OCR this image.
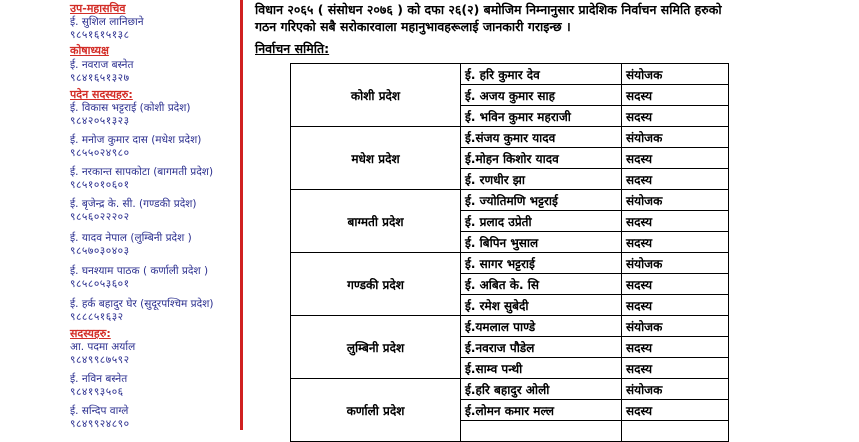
उप-महासचिव
ई. सुशिल लानिछाने
९८५१६१५१३८
कोषाध्यक्ष
ई. नवराज बस्नेत
९८४१६५१३२७
पदेन सदस्यहरु:
ई. विकास भट्टराई (कोशी प्रदेश)
९८४२०५१३२३
ई. मनोज कुमार दास (मधेश प्रदेश)
९८५५०२४९८०
ई. नरकान्त सापकोटा (बागमती प्रदेश)
९८५१०१०६०१
ई. बृजेन्द्र के. सी. (गण्डकी प्रदेश)
९८५६०२२२०२
ई. यादव नेपाल (लुम्बिनी प्रदेश )
९८५७०३०४०३
ई. घनश्याम पाठक ( कर्णाली प्रदेश )
९८५८०५३६०१
ई. हर्क बहादुर घेर (सुदूरपश्चिम प्रदेश)
९८८८५१६३२
सदस्यहरु:
आ. पदमा अर्याल
९८४९९८७५९२
ई. नविन बस्नेत
९८४१९३५०६
ई. सन्दिप वाग्ले
९८४९९२४८९०
विधान २०६५ ( संसोधन २०७६ ) को दफा २६(२) बमोजिम निम्नानुसार प्रादेशिक निर्वाचन समिति हरुको
गठन गरिएको सबै सरोकारवाला महानुभावहरूलाई जानकारी गराइन्छ ।
निर्वाचन समिति:
कोशी प्रदेश	ई. हरि कुमार देव	संयोजक
	ई. अजय कुमार साह	सदस्य
	ई. भविन कुमार महराजी	सदस्य
मधेश प्रदेश	ई.संजय कुमार यादव	संयोजक
	ई.मोहन किशोर यादव	सदस्य
	ई. रणधीर झा	सदस्य
बाग्मती प्रदेश	ई. ज्योतिमणि भट्टराई	संयोजक
	ई. प्रलाद उप्रेती	सदस्य
	ई. बिपिन भुसाल	सदस्य
गण्डकी प्रदेश	ई. सागर भट्टराई	संयोजक
	ई. अबित के. सि	सदस्य
	ई. रमेश सुबेदी	सदस्य
लुम्बिनी प्रदेश	ई.यमलाल पाण्डे	संयोजक
	ई.नवराज पौडेल	सदस्य
	ई.साम्व पन्थी	सदस्य
कर्णाली प्रदेश	ई.हरि बहादुर ओली	संयोजक
	ई.लोमन कमार मल्ल	सदस्य
